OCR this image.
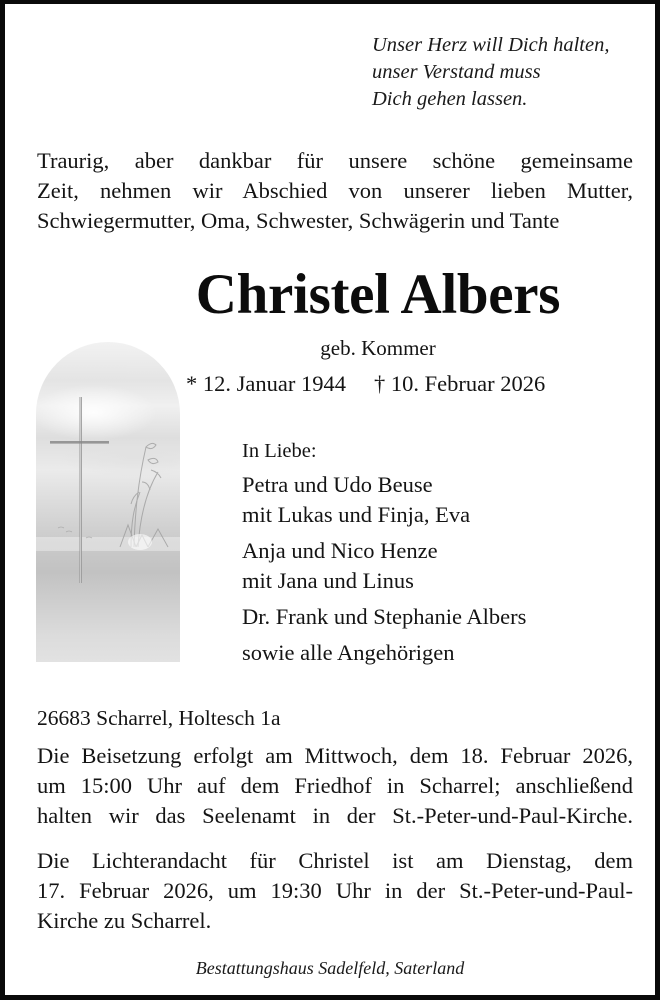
Unser Herz will Dich halten,
unser Verstand muss
Dich gehen lassen.
Traurig, aber dankbar für unsere schöne gemeinsame
Zeit, nehmen wir Abschied von unserer lieben Mutter,
Schwiegermutter, Oma, Schwester, Schwägerin und Tante
Christel Albers
geb. Kommer
* 12. Januar 1944 † 10. Februar 2026
In Liebe:
Petra und Udo Beuse
mit Lukas und Finja, Eva
Anja und Nico Henze
mit Jana und Linus
Dr. Frank und Stephanie Albers
sowie alle Angehörigen
26683 Scharrel, Holtesch 1a
Die Beisetzung erfolgt am Mittwoch, dem 18. Februar 2026,
um 15:00 Uhr auf dem Friedhof in Scharrel; anschließend
halten wir das Seelenamt in der St.-Peter-und-Paul-Kirche.
Die Lichterandacht für Christel ist am Dienstag, dem
17. Februar 2026, um 19:30 Uhr in der St.-Peter-und-Paul-
Kirche zu Scharrel.
Bestattungshaus Sadelfeld, Saterland
